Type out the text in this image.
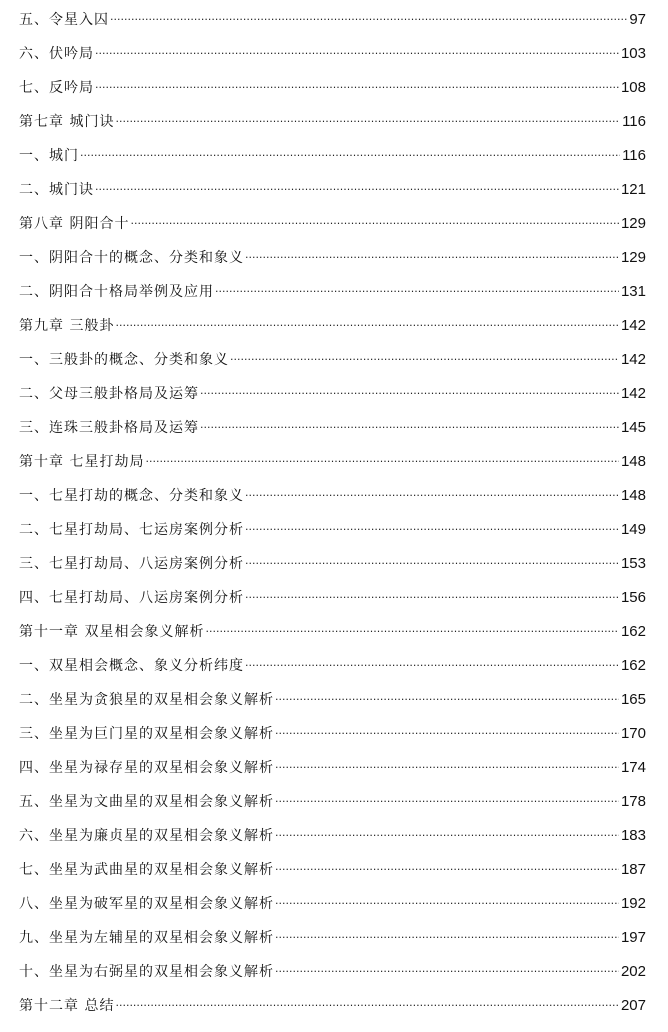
五、令星入囚 ·····	97
六、伏吟局 ·····	103
七、反吟局 ·····	108
第七章 城门诀 ·····	116
一、城门 ·····	116
二、城门诀 ·····	121
第八章 阴阳合十 ·····	129
一、阴阳合十的概念、分类和象义 ·····	129
二、阴阳合十格局举例及应用 ·····	131
第九章 三般卦 ·····	142
一、三般卦的概念、分类和象义 ·····	142
二、父母三般卦格局及运筹 ·····	142
三、连珠三般卦格局及运筹 ·····	145
第十章 七星打劫局 ·····	148
一、七星打劫的概念、分类和象义 ·····	148
二、七星打劫局、七运房案例分析 ·····	149
三、七星打劫局、八运房案例分析 ·····	153
四、七星打劫局、八运房案例分析 ·····	156
第十一章 双星相会象义解析 ·····	162
一、双星相会概念、象义分析纬度 ·····	162
二、坐星为贪狼星的双星相会象义解析 ·····	165
三、坐星为巨门星的双星相会象义解析 ·····	170
四、坐星为禄存星的双星相会象义解析 ·····	174
五、坐星为文曲星的双星相会象义解析 ·····	178
六、坐星为廉贞星的双星相会象义解析 ·····	183
七、坐星为武曲星的双星相会象义解析 ·····	187
八、坐星为破军星的双星相会象义解析 ·····	192
九、坐星为左辅星的双星相会象义解析 ·····	197
十、坐星为右弼星的双星相会象义解析 ·····	202
第十二章 总结 ·····	207
